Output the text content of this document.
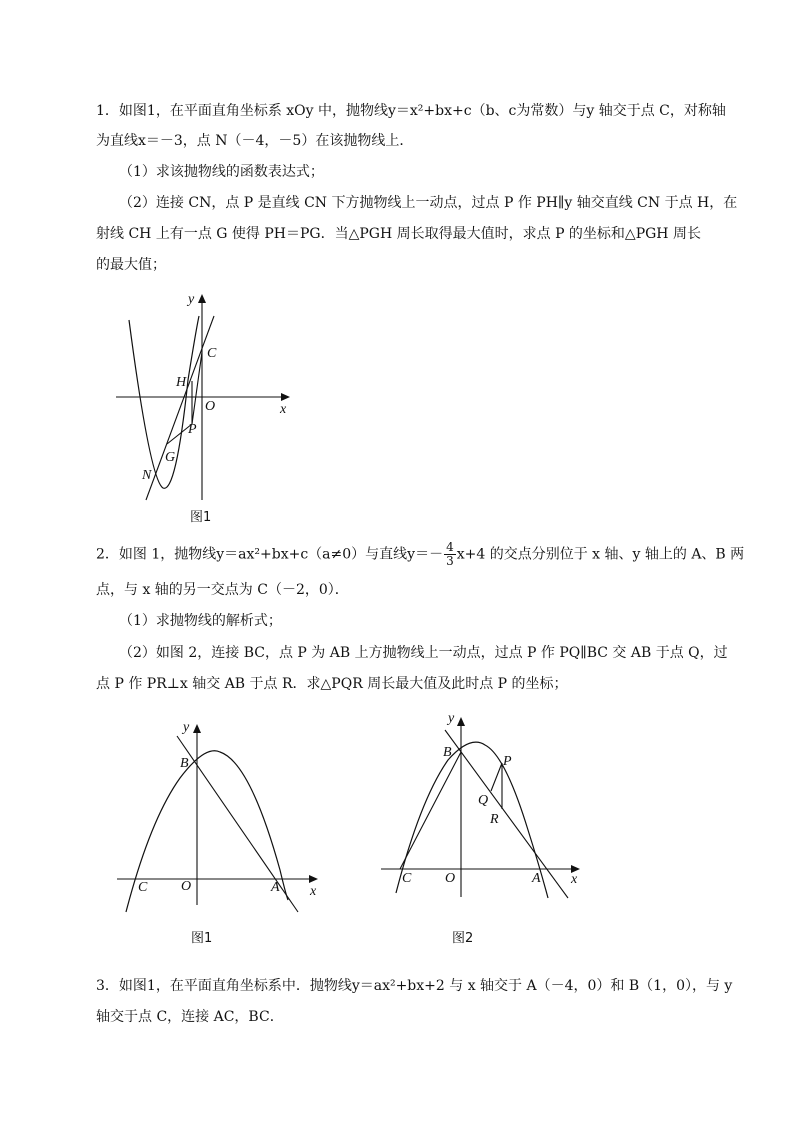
1．如图1，在平面直角坐标系 xOy 中，抛物线y＝x²+bx+c（b、c为常数）与y 轴交于点 C，对称轴
为直线x＝－3，点 N（－4，－5）在该抛物线上．
（1）求该抛物线的函数表达式；
（2）连接 CN，点 P 是直线 CN 下方抛物线上一动点，过点 P 作 PH∥y 轴交直线 CN 于点 H，在
射线 CH 上有一点 G 使得 PH＝PG．当△PGH 周长取得最大值时，求点 P 的坐标和△PGH 周长
的最大值；
y
x
O
C
H
P
G
N
图1
2．如图 1，抛物线y＝ax²+bx+c（a≠0）与直线$y=- \frac{4}{3} x+4$ 的交点分别位于 x 轴、y 轴上的 A、B 两
点，与 x 轴的另一交点为 C（－2，0）．
（1）求抛物线的解析式；
（2）如图 2，连接 BC，点 P 为 AB 上方抛物线上一动点，过点 P 作 PQ∥BC 交 AB 于点 Q，过
点 P 作 PR⊥x 轴交 AB 于点 R．求△PQR 周长最大值及此时点 P 的坐标；
y
x
O
B
C	A
图1
y
x
O
B
C	A
P
Q
R
图2
3．如图1，在平面直角坐标系中．抛物线y＝ax²+bx+2 与 x 轴交于 A（－4，0）和 B（1，0），与 y
轴交于点 C，连接 AC，BC．
